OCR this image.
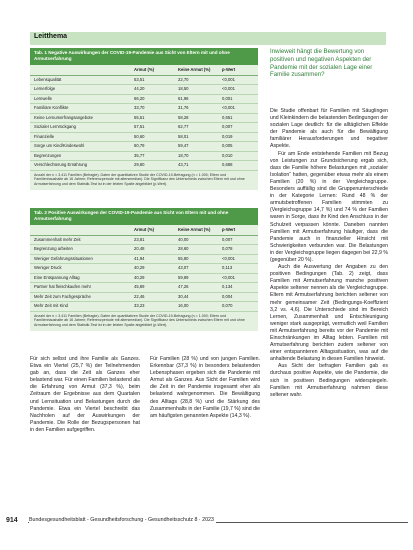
Leitthema
Tab. 1 Negative Auswirkungen der COVID-19-Pandemie aus Sicht von Eltern mit und ohne Armutserfahrung
Armut (%)	Keine Armut (%)	p-Wert
Lebensqualität	53,51	22,70	<0,001
Lernerfolge	44,20	18,50	<0,001
Lernwelle	66,20	61,96	0,001
Familiäre Konflikte	33,70	31,76	<0,001
Keine Lernumerfrangsangebote	55,51	58,28	0,651
Sozialer Lernrückgang	57,51	62,77	0,007
Finanzielle	50,60	58,01	0,019
Sorge um Kind/Kindeswohl	60,79	59,47	0,005
Begrenzungen	35,77	18,70	0,010
Verschlechterung Ernährung	29,80	43,71	0,688
Anzahl der n = 3.411 Familien (Befragte). Daten der quantitativen Studie der COVID-19-Befragung (n = 1.000; Eltern und Familienhaushalte ab 16 Jahren; Referenzperiode mit altersmedian). Die Signifikanz des Unterschieds zwischen Eltern mit und ohne Armutserfahrung und dem Statistik-Test ist in der letzten Spalte abgebildet (p-Wert).
Tab. 2 Positive Auswirkungen der COVID-19-Pandemie aus Sicht von Eltern mit und ohne Armutserfahrung
Armut (%)	Keine Armut (%)	p-Wert
Zusammenhalt mehr Zeit	23,81	40,00	0,007
Begrenzung arbeiten	20,48	28,60	0,078
Weniger Gefahrungssituationen	41,94	55,80	<0,001
Weniger Druck	40,29	43,07	0,113
Eine Entspannung Alltag	40,29	59,89	<0,001
Partner hat fleischkaufen mehr	45,89	47,26	0,134
Mehr Zeit zum Fachgespräche	22,46	30,44	0,004
Mehr Zeit mit Kind	33,23	16,00	0,070
Anzahl der n = 3.411 Familien (Befragte). Daten der quantitativen Studie der COVID-19-Befragung (n = 1.000; Eltern und Familienhaushalte ab 16 Jahren; Referenzperiode mit altersmedian). Die Signifikanz des Unterschieds zwischen Eltern mit und ohne Armutserfahrung und dem Statistik-Test ist in der letzten Spalte abgebildet (p-Wert).
Inwieweit hängt die Bewertung von positiven und negativen Aspekten der Pandemie mit der sozialen Lage einer Familie zusammen?

Die Studie offenbart für Familien mit Säuglingen und Kleinkindern die belastenden Bedingungen der sozialen Lage deutlich: für die alltäglichen Effekte der Pandemie als auch für die Bewältigung familiärer Herausforderungen und negativer Aspekte.

Für am Ende entstehende Familien mit Bezug von Leistungen zur Grundsicherung ergab sich, dass die Familie höhere Belastungen mit „sozialer Isolation“ hatten, gegenüber etwas mehr als einem Familien (20 %) in der Vergleichsgruppe. Besonders auffällig sind die Gruppenunterschiede in der Kategorie Lernen: Rund 48 % der armutsbetroffenen Familien stimmten zu (Vergleichsgruppe 14,7 %) und 74 % der Familien waren in Sorge, dass ihr Kind den Anschluss in der Schulzeit verpassen könnte. Daneben nannten Familien mit Armutserfahrung häufiger, dass die Pandemie auch in finanzieller Hinsicht mit Schwierigkeiten verbunden war. Die Belastungen in der Vergleichsgruppe liegen dagegen bei 22,9 % (gegenüber 20 %).

Auch die Auswertung der Angaben zu den positiven Bedingungen (Tab. 2) zeigt, dass Familien mit Armutserfahrung manche positiven Aspekte seltener nennen als die Vergleichsgruppe. Eltern mit Armutserfahrung berichten seltener von mehr gemeinsamer Zeit (Bedingungs-Koeffizient 3,2 vs. 4,6). Die Unterschiede sind im Bereich Lernen, Zusammenhalt und Entschleunigung weniger stark ausgeprägt, vermutlich weil Familien mit Armutserfahrung bereits vor der Pandemie mit Einschränkungen im Alltag lebten. Familien mit Armutserfahrung berichten zudem seltener von einer entspannteren Alltagssituation, was auf die anhaltende Belastung in diesen Familien hinweist.

Aus Sicht der befragten Familien gab es durchaus positive Aspekte, wie die Pandemie, die sich in positiven Bedingungen widerspiegeln. Familien mit Armutserfahrung nahmen diese seltener wahr.

Für sich selbst und ihre Familie als Ganzes. Etwa ein Viertel (25,7 %) der Teilnehmenden gab an, dass die Zeit als Ganzes eher belastend war. Für einen Familien belastend als die Erfahrung von Armut (37,3 %), beim Zeitraum der Ergebnisse aus dem Quartalen und Lernsituation und Belastungen durch die Pandemie. Etwa ein Viertel beschreibt das Nachholen auf der Auswirkungen der Pandemie. Die Rolle der Bezugspersonen hat in den Familien aufgegriffen.

Für Familien (28 %) und von jungen Familien. Erkennbar (37,3 %) in besonders belastenden Lebensphasen ergeben sich die Pandemie mit Armut als Ganzes. Aus Sicht der Familien wird die Zeit in der Pandemie insgesamt eher als belastend wahrgenommen. Die Bewältigung des Alltags (28,8 %) und die Stärkung des Zusammenhalts in der Familie (19,7 %) sind die am häufigsten genannten Aspekte (14,3 %).

914 Bundesgesundheitsblatt - Gesundheitsforschung - Gesundheitsschutz 8 · 2023
